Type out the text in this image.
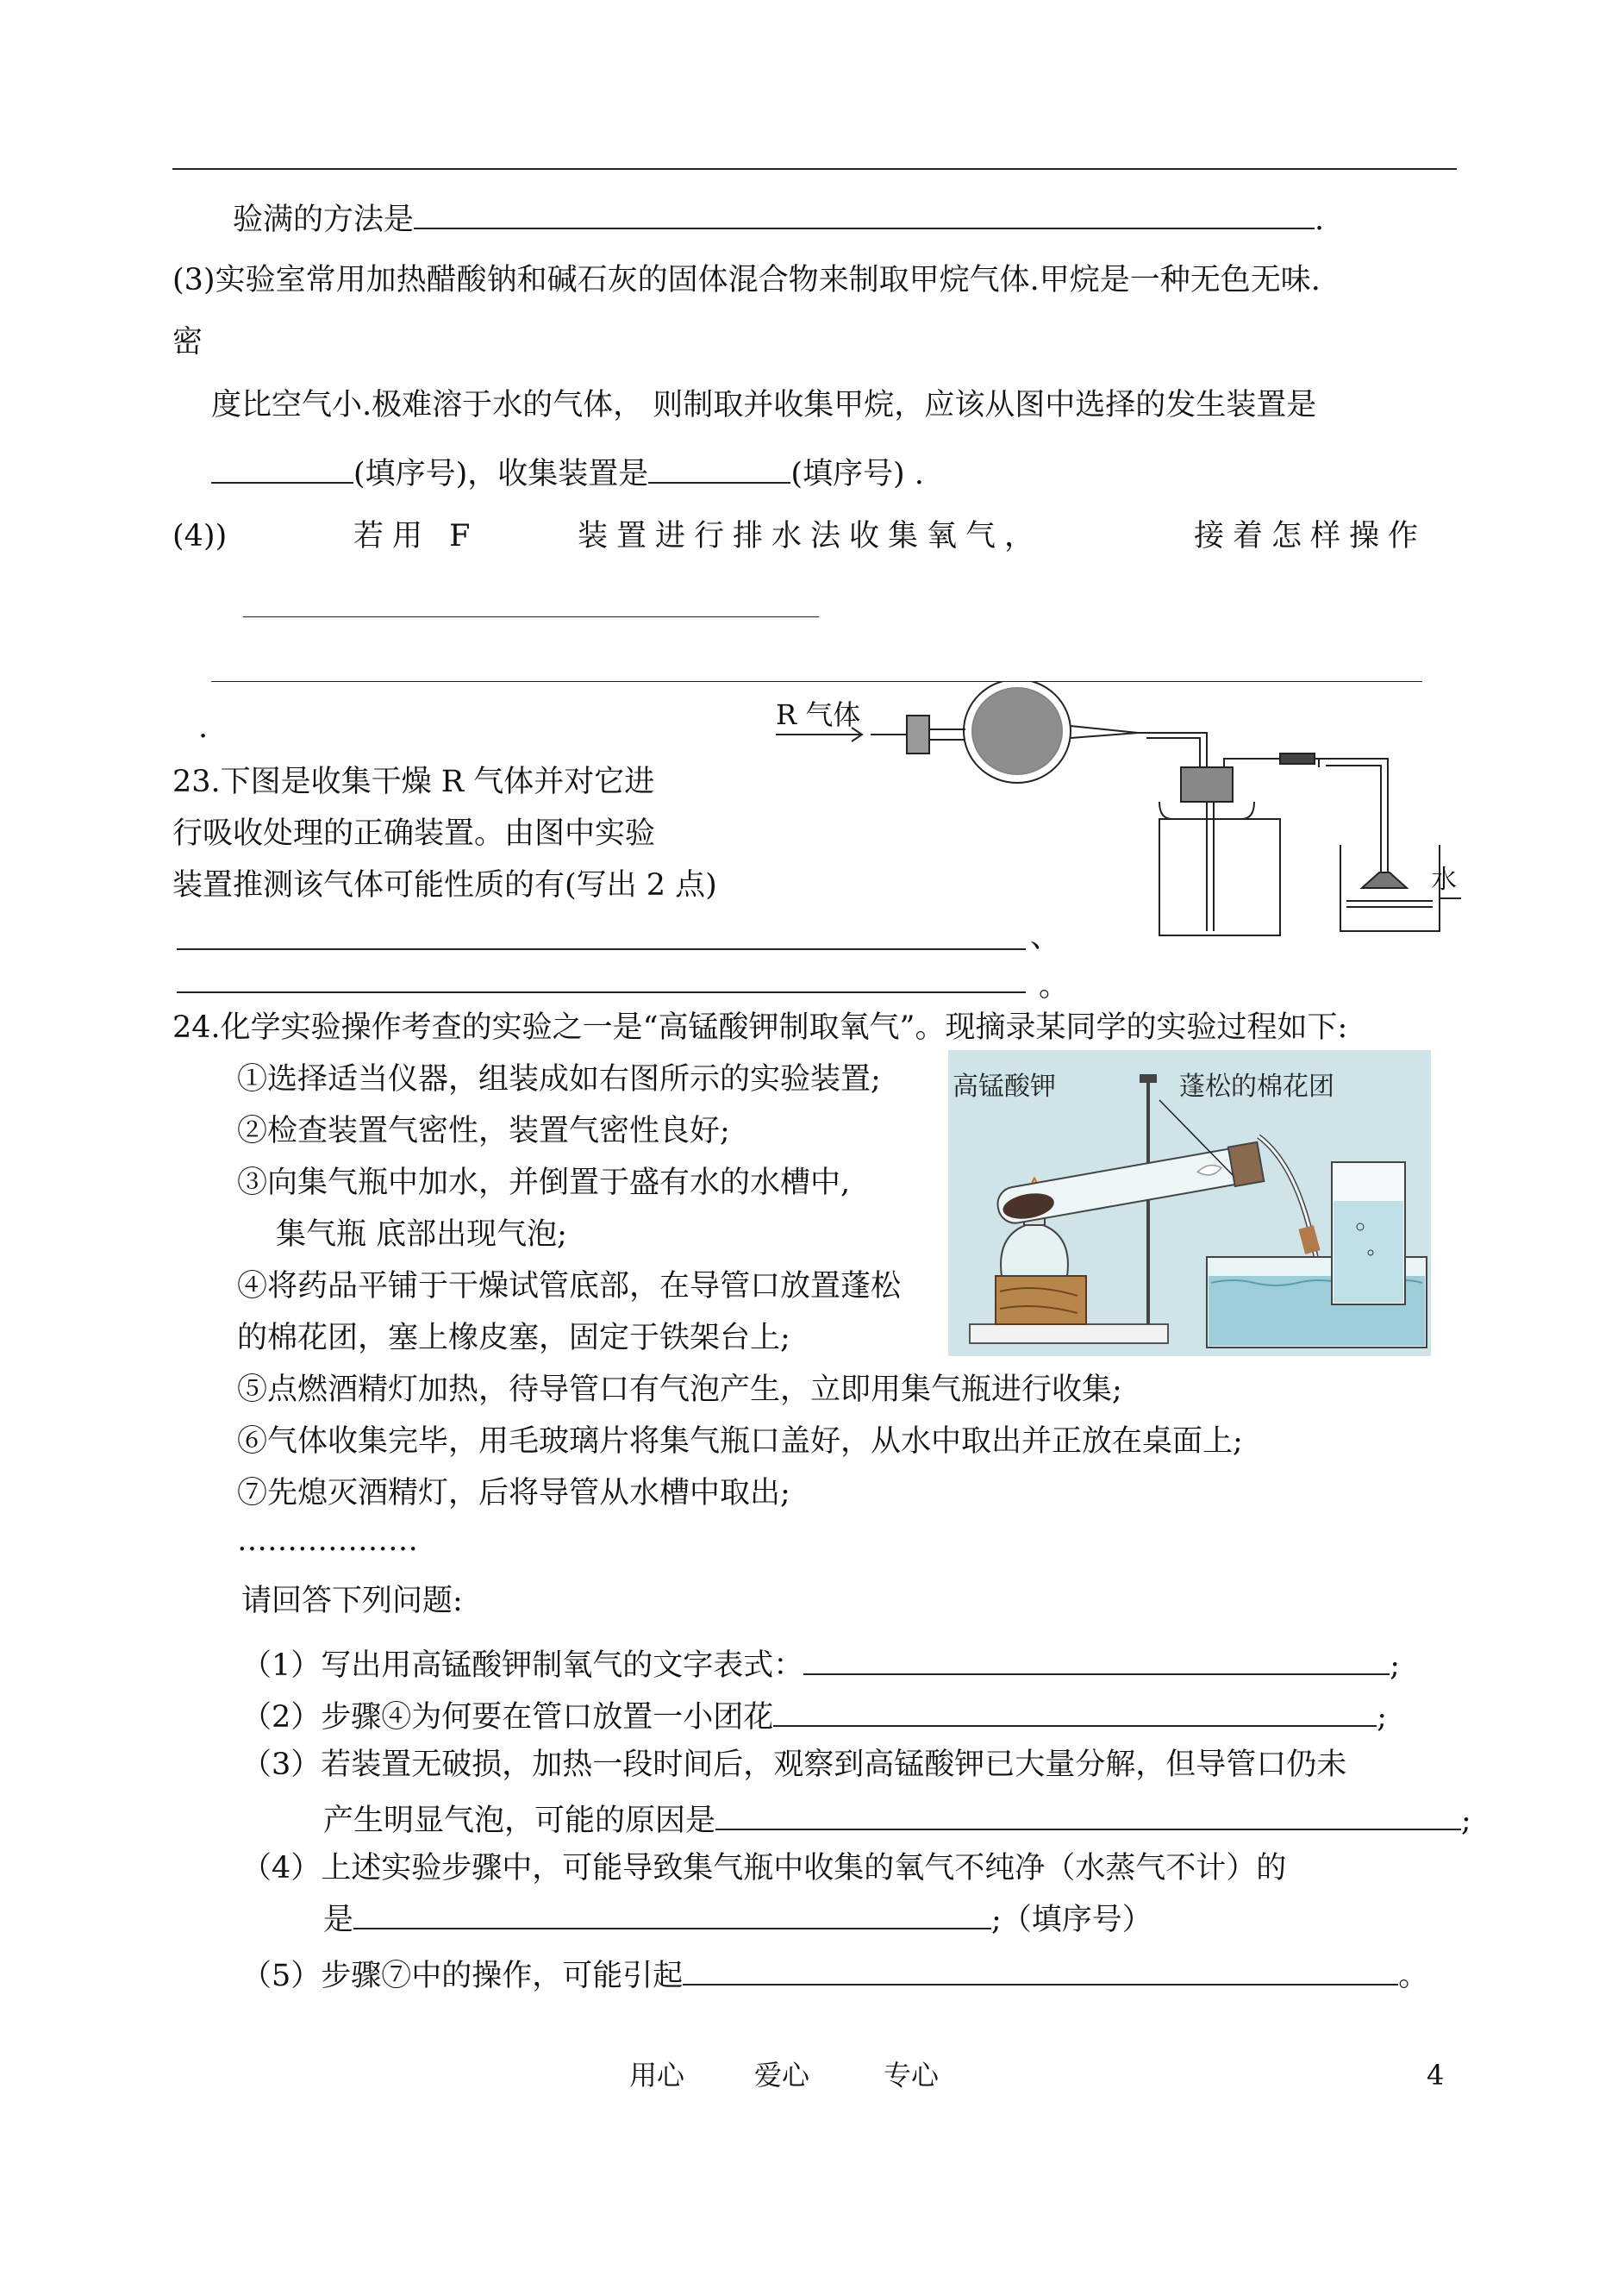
验满的方法是	.
(3)实验室常用加热醋酸钠和碱石灰的固体混合物来制取甲烷气体.甲烷是一种无色无味.
密
度比空气小.极难溶于水的气体， 则制取并收集甲烷，应该从图中选择的发生装置是
(填序号)，收集装置是	(填序号) .
(4))	若用 F	装置进行排水法收集氧气，	接着怎样操作
.
23.下图是收集干燥 R 气体并对它进
行吸收处理的正确装置。由图中实验
装置推测该气体可能性质的有(写出 2 点)
、
。
R 气体
水
24.化学实验操作考查的实验之一是“高锰酸钾制取氧气”。现摘录某同学的实验过程如下:
①选择适当仪器，组装成如右图所示的实验装置;
②检查装置气密性，装置气密性良好;
③向集气瓶中加水，并倒置于盛有水的水槽中,
集气瓶 底部出现气泡;
④将药品平铺于干燥试管底部，在导管口放置蓬松
的棉花团，塞上橡皮塞，固定于铁架台上;
⑤点燃酒精灯加热，待导管口有气泡产生，立即用集气瓶进行收集;
⑥气体收集完毕，用毛玻璃片将集气瓶口盖好，从水中取出并正放在桌面上;
⑦先熄灭酒精灯，后将导管从水槽中取出;
………………
请回答下列问题:
（1）写出用高锰酸钾制氧气的文字表式：	;
（2）步骤④为何要在管口放置一小团花	;
（3）若装置无破损，加热一段时间后，观察到高锰酸钾已大量分解，但导管口仍未
产生明显气泡，可能的原因是	;
（4）上述实验步骤中，可能导致集气瓶中收集的氧气不纯净（水蒸气不计）的
是	;（填序号）
（5）步骤⑦中的操作，可能引起	。
高锰酸钾	蓬松的棉花团
用心	爱心	专心	4
